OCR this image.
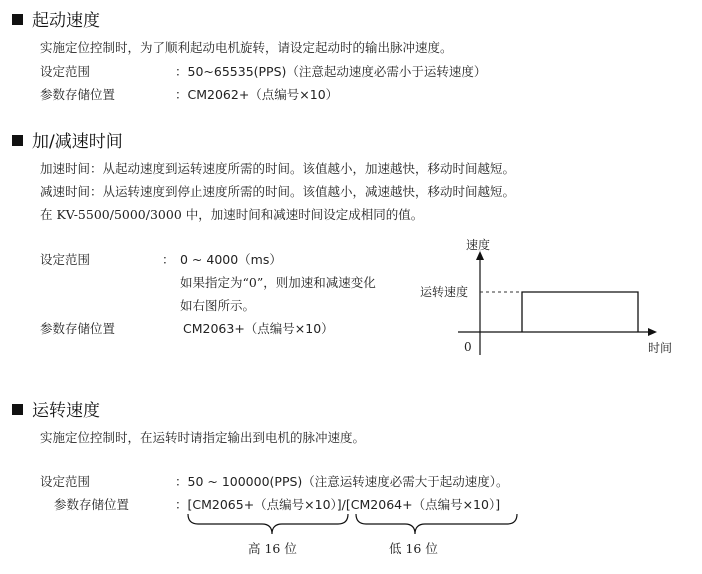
起动速度
实施定位控制时，为了顺利起动电机旋转，请设定起动时的输出脉冲速度。
设定范围	：50~65535(PPS)（注意起动速度必需小于运转速度）
参数存储位置	：CM2062+（点编号×10）
加/减速时间
加速时间：从起动速度到运转速度所需的时间。该值越小，加速越快，移动时间越短。
减速时间：从运转速度到停止速度所需的时间。该值越小，减速越快，移动时间越短。
在 KV-5500/5000/3000 中，加速时间和减速时间设定成相同的值。
设定范围	： 0 ~ 4000（ms）
如果指定为“0”，则加速和减速变化
如右图所示。
参数存储位置	CM2063+（点编号×10）
速度
运转速度
0	时间
运转速度
实施定位控制时，在运转时请指定输出到电机的脉冲速度。
设定范围	：50 ~ 100000(PPS)（注意运转速度必需大于起动速度）。
参数存储位置	：[CM2065+（点编号×10）]/[CM2064+（点编号×10）]
高 16 位	低 16 位
